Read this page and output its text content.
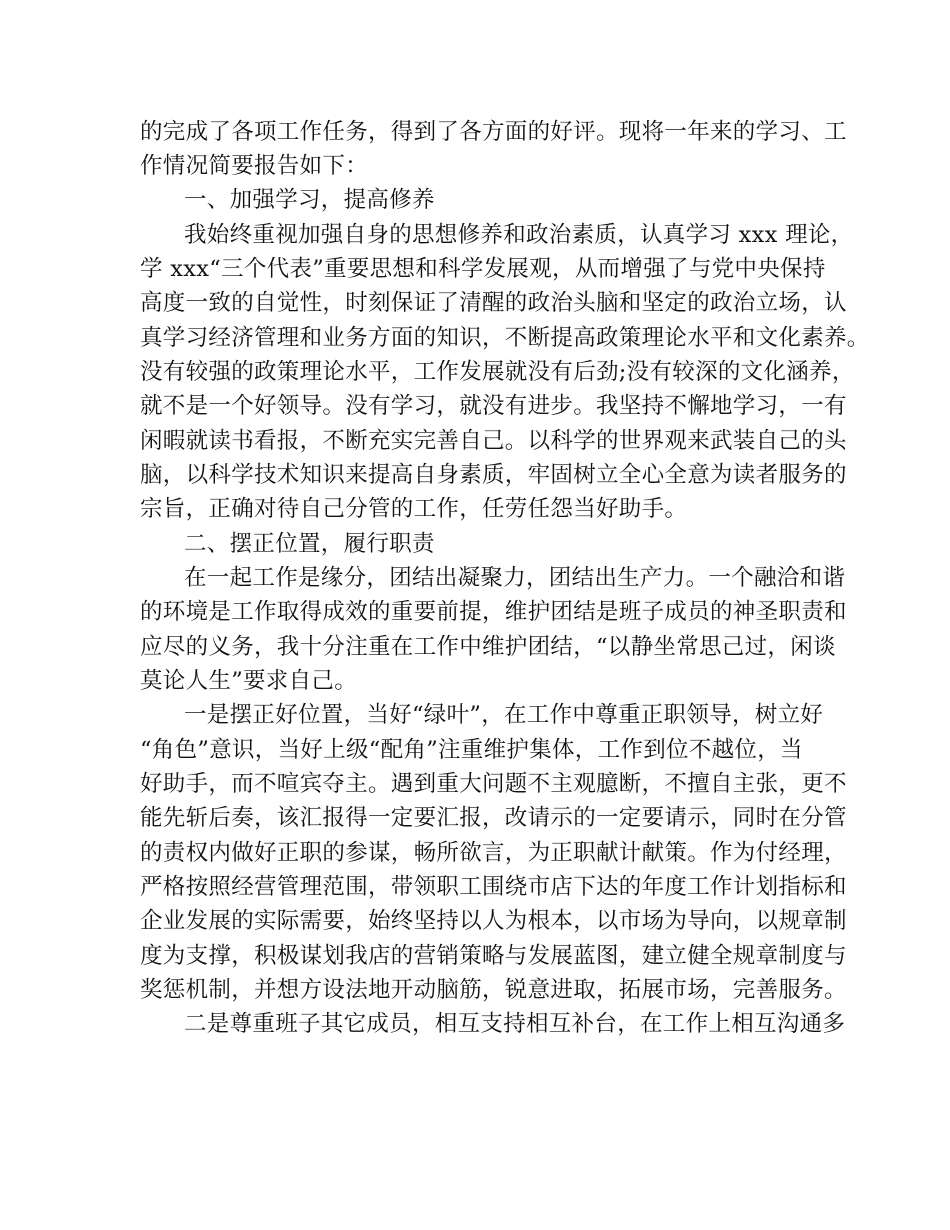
的完成了各项工作任务，得到了各方面的好评。现将一年来的学习、工
作情况简要报告如下：
一、加强学习，提高修养
我始终重视加强自身的思想修养和政治素质，认真学习 xxx 理论，
学 xxx“三个代表”重要思想和科学发展观，从而增强了与党中央保持
高度一致的自觉性，时刻保证了清醒的政治头脑和坚定的政治立场，认
真学习经济管理和业务方面的知识，不断提高政策理论水平和文化素养。
没有较强的政策理论水平，工作发展就没有后劲;没有较深的文化涵养，
就不是一个好领导。没有学习，就没有进步。我坚持不懈地学习，一有
闲暇就读书看报，不断充实完善自己。以科学的世界观来武装自己的头
脑，以科学技术知识来提高自身素质，牢固树立全心全意为读者服务的
宗旨，正确对待自己分管的工作，任劳任怨当好助手。
二、摆正位置，履行职责
在一起工作是缘分，团结出凝聚力，团结出生产力。一个融洽和谐
的环境是工作取得成效的重要前提，维护团结是班子成员的神圣职责和
应尽的义务，我十分注重在工作中维护团结，“以静坐常思己过，闲谈
莫论人生”要求自己。
一是摆正好位置，当好“绿叶”，在工作中尊重正职领导，树立好
“角色”意识，当好上级“配角”注重维护集体，工作到位不越位，当
好助手，而不喧宾夺主。遇到重大问题不主观臆断，不擅自主张，更不
能先斩后奏，该汇报得一定要汇报，改请示的一定要请示，同时在分管
的责权内做好正职的参谋，畅所欲言，为正职献计献策。作为付经理，
严格按照经营管理范围，带领职工围绕市店下达的年度工作计划指标和
企业发展的实际需要，始终坚持以人为根本，以市场为导向，以规章制
度为支撑，积极谋划我店的营销策略与发展蓝图，建立健全规章制度与
奖惩机制，并想方设法地开动脑筋，锐意进取，拓展市场，完善服务。
二是尊重班子其它成员，相互支持相互补台，在工作上相互沟通多
